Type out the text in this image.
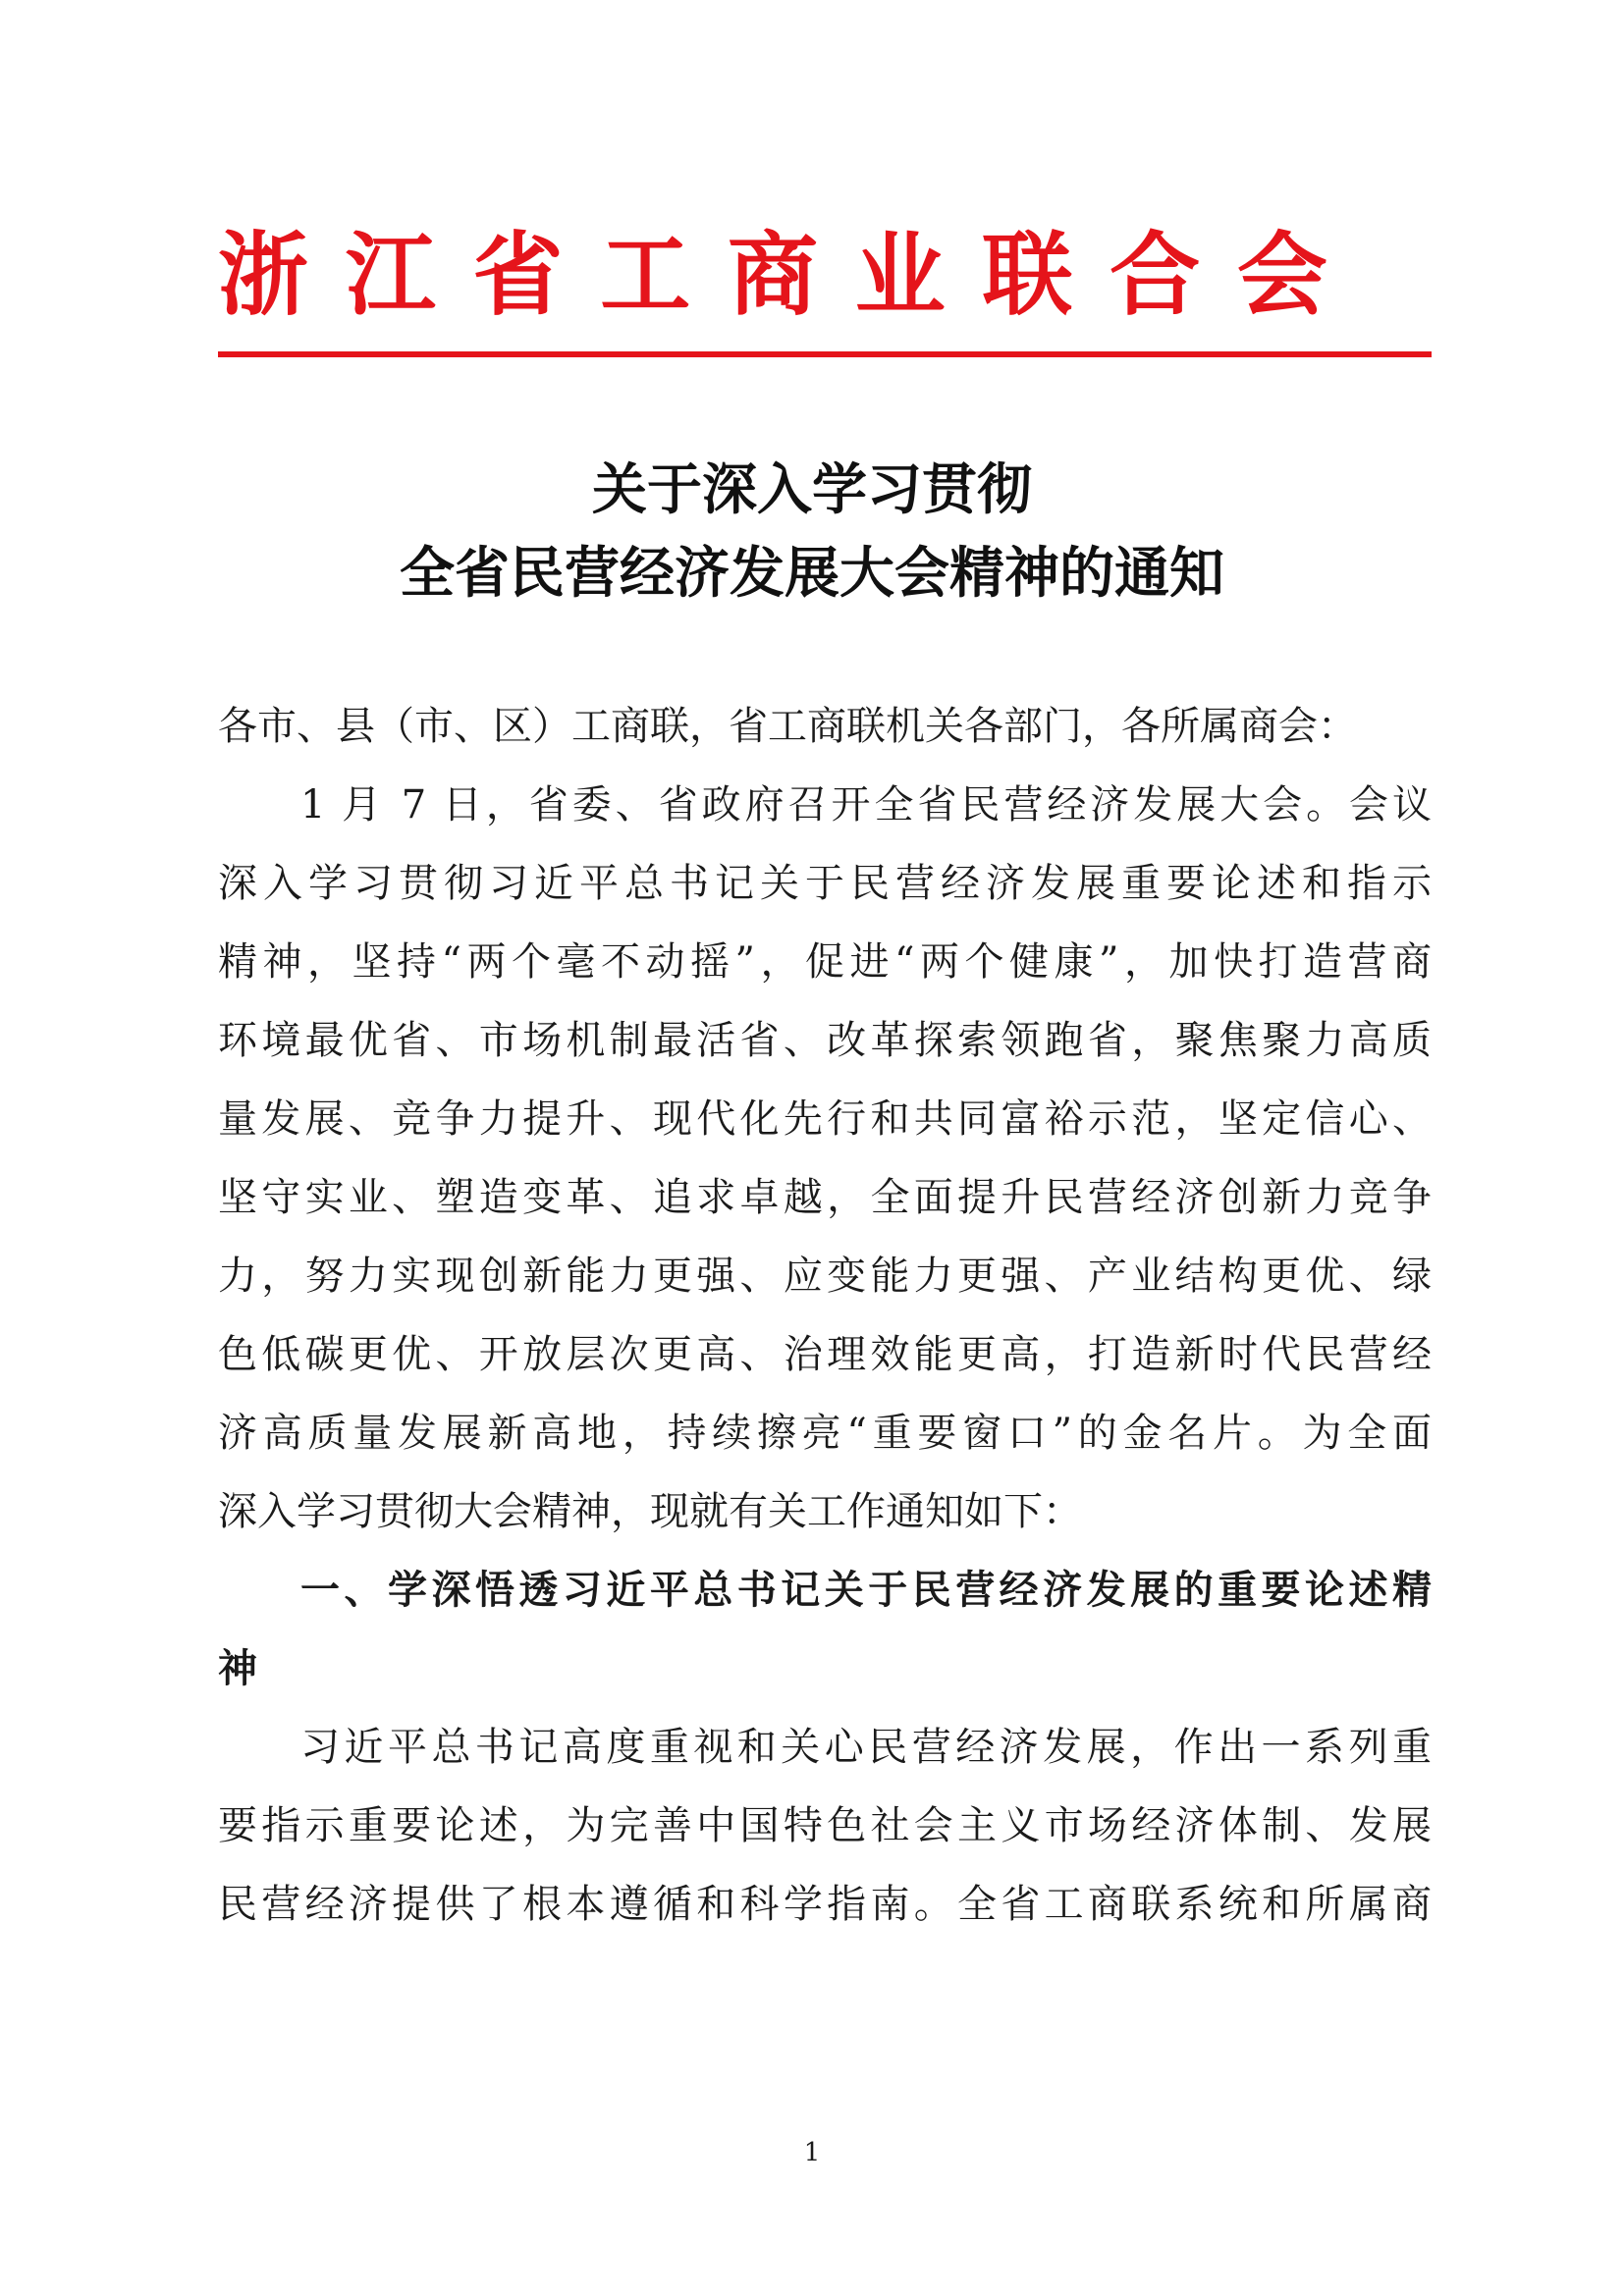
浙 江 省 工 商 业 联 合 会
关于深入学习贯彻
全省民营经济发展大会精神的通知
各市、县（市、区）工商联，省工商联机关各部门，各所属商会：
1 月 7 日，省委、省政府召开全省民营经济发展大会。会议
深入学习贯彻习近平总书记关于民营经济发展重要论述和指示
精神，坚持“两个毫不动摇”，促进“两个健康”，加快打造营商
环境最优省、市场机制最活省、改革探索领跑省，聚焦聚力高质
量发展、竞争力提升、现代化先行和共同富裕示范，坚定信心、
坚守实业、塑造变革、追求卓越，全面提升民营经济创新力竞争
力，努力实现创新能力更强、应变能力更强、产业结构更优、绿
色低碳更优、开放层次更高、治理效能更高，打造新时代民营经
济高质量发展新高地，持续擦亮“重要窗口”的金名片。为全面
深入学习贯彻大会精神，现就有关工作通知如下：
一、学深悟透习近平总书记关于民营经济发展的重要论述精
神
习近平总书记高度重视和关心民营经济发展，作出一系列重
要指示重要论述，为完善中国特色社会主义市场经济体制、发展
民营经济提供了根本遵循和科学指南。全省工商联系统和所属商
1
